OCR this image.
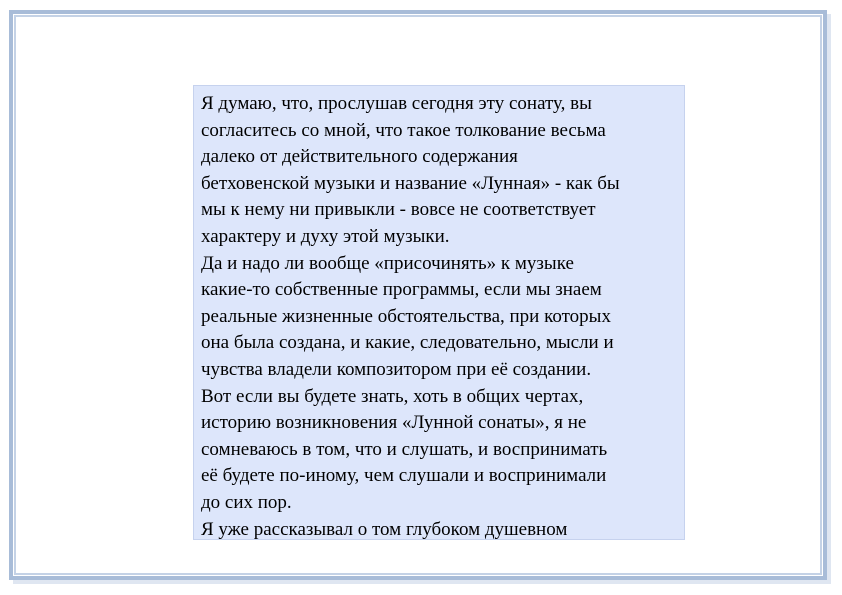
Я думаю, что, прослушав сегодня эту сонату, вы
согласитесь со мной, что такое толкование весьма
далеко от действительного содержания
бетховенской музыки и название «Лунная» - как бы
мы к нему ни привыкли - вовсе не соответствует
характеру и духу этой музыки.
Да и надо ли вообще «присочинять» к музыке
какие-то собственные программы, если мы знаем
реальные жизненные обстоятельства, при которых
она была создана, и какие, следовательно, мысли и
чувства владели композитором при её создании.
Вот если вы будете знать, хоть в общих чертах,
историю возникновения «Лунной сонаты», я не
сомневаюсь в том, что и слушать, и воспринимать
её будете по-иному, чем слушали и воспринимали
до сих пор.
Я уже рассказывал о том глубоком душевном
